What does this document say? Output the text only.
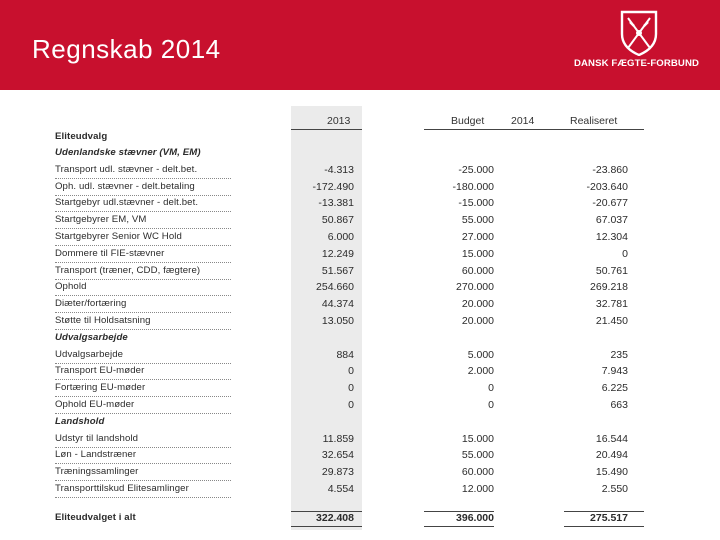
Regnskab 2014	DANSK FÆGTE-FORBUND
2013	Budget	2014	Realiseret
Eliteudvalg
Udenlandske stævner (VM, EM)
Transport udl. stævner - delt.bet.	-4.313	-25.000	-23.860
Oph. udl. stævner - delt.betaling	-172.490	-180.000	-203.640
Startgebyr udl.stævner - delt.bet.	-13.381	-15.000	-20.677
Startgebyrer EM, VM	50.867	55.000	67.037
Startgebyrer Senior WC Hold	6.000	27.000	12.304
Dommere til FIE-stævner	12.249	15.000	0
Transport (træner, CDD, fægtere)	51.567	60.000	50.761
Ophold	254.660	270.000	269.218
Diæter/fortæring	44.374	20.000	32.781
Støtte til Holdsatsning	13.050	20.000	21.450
Udvalgsarbejde
Udvalgsarbejde	884	5.000	235
Transport EU-møder	0	2.000	7.943
Fortæring EU-møder	0	0	6.225
Ophold EU-møder	0	0	663
Landshold
Udstyr til landshold	11.859	15.000	16.544
Løn - Landstræner	32.654	55.000	20.494
Træningssamlinger	29.873	60.000	15.490
Transporttilskud Elitesamlinger	4.554	12.000	2.550
Eliteudvalget i alt	322.408	396.000	275.517
